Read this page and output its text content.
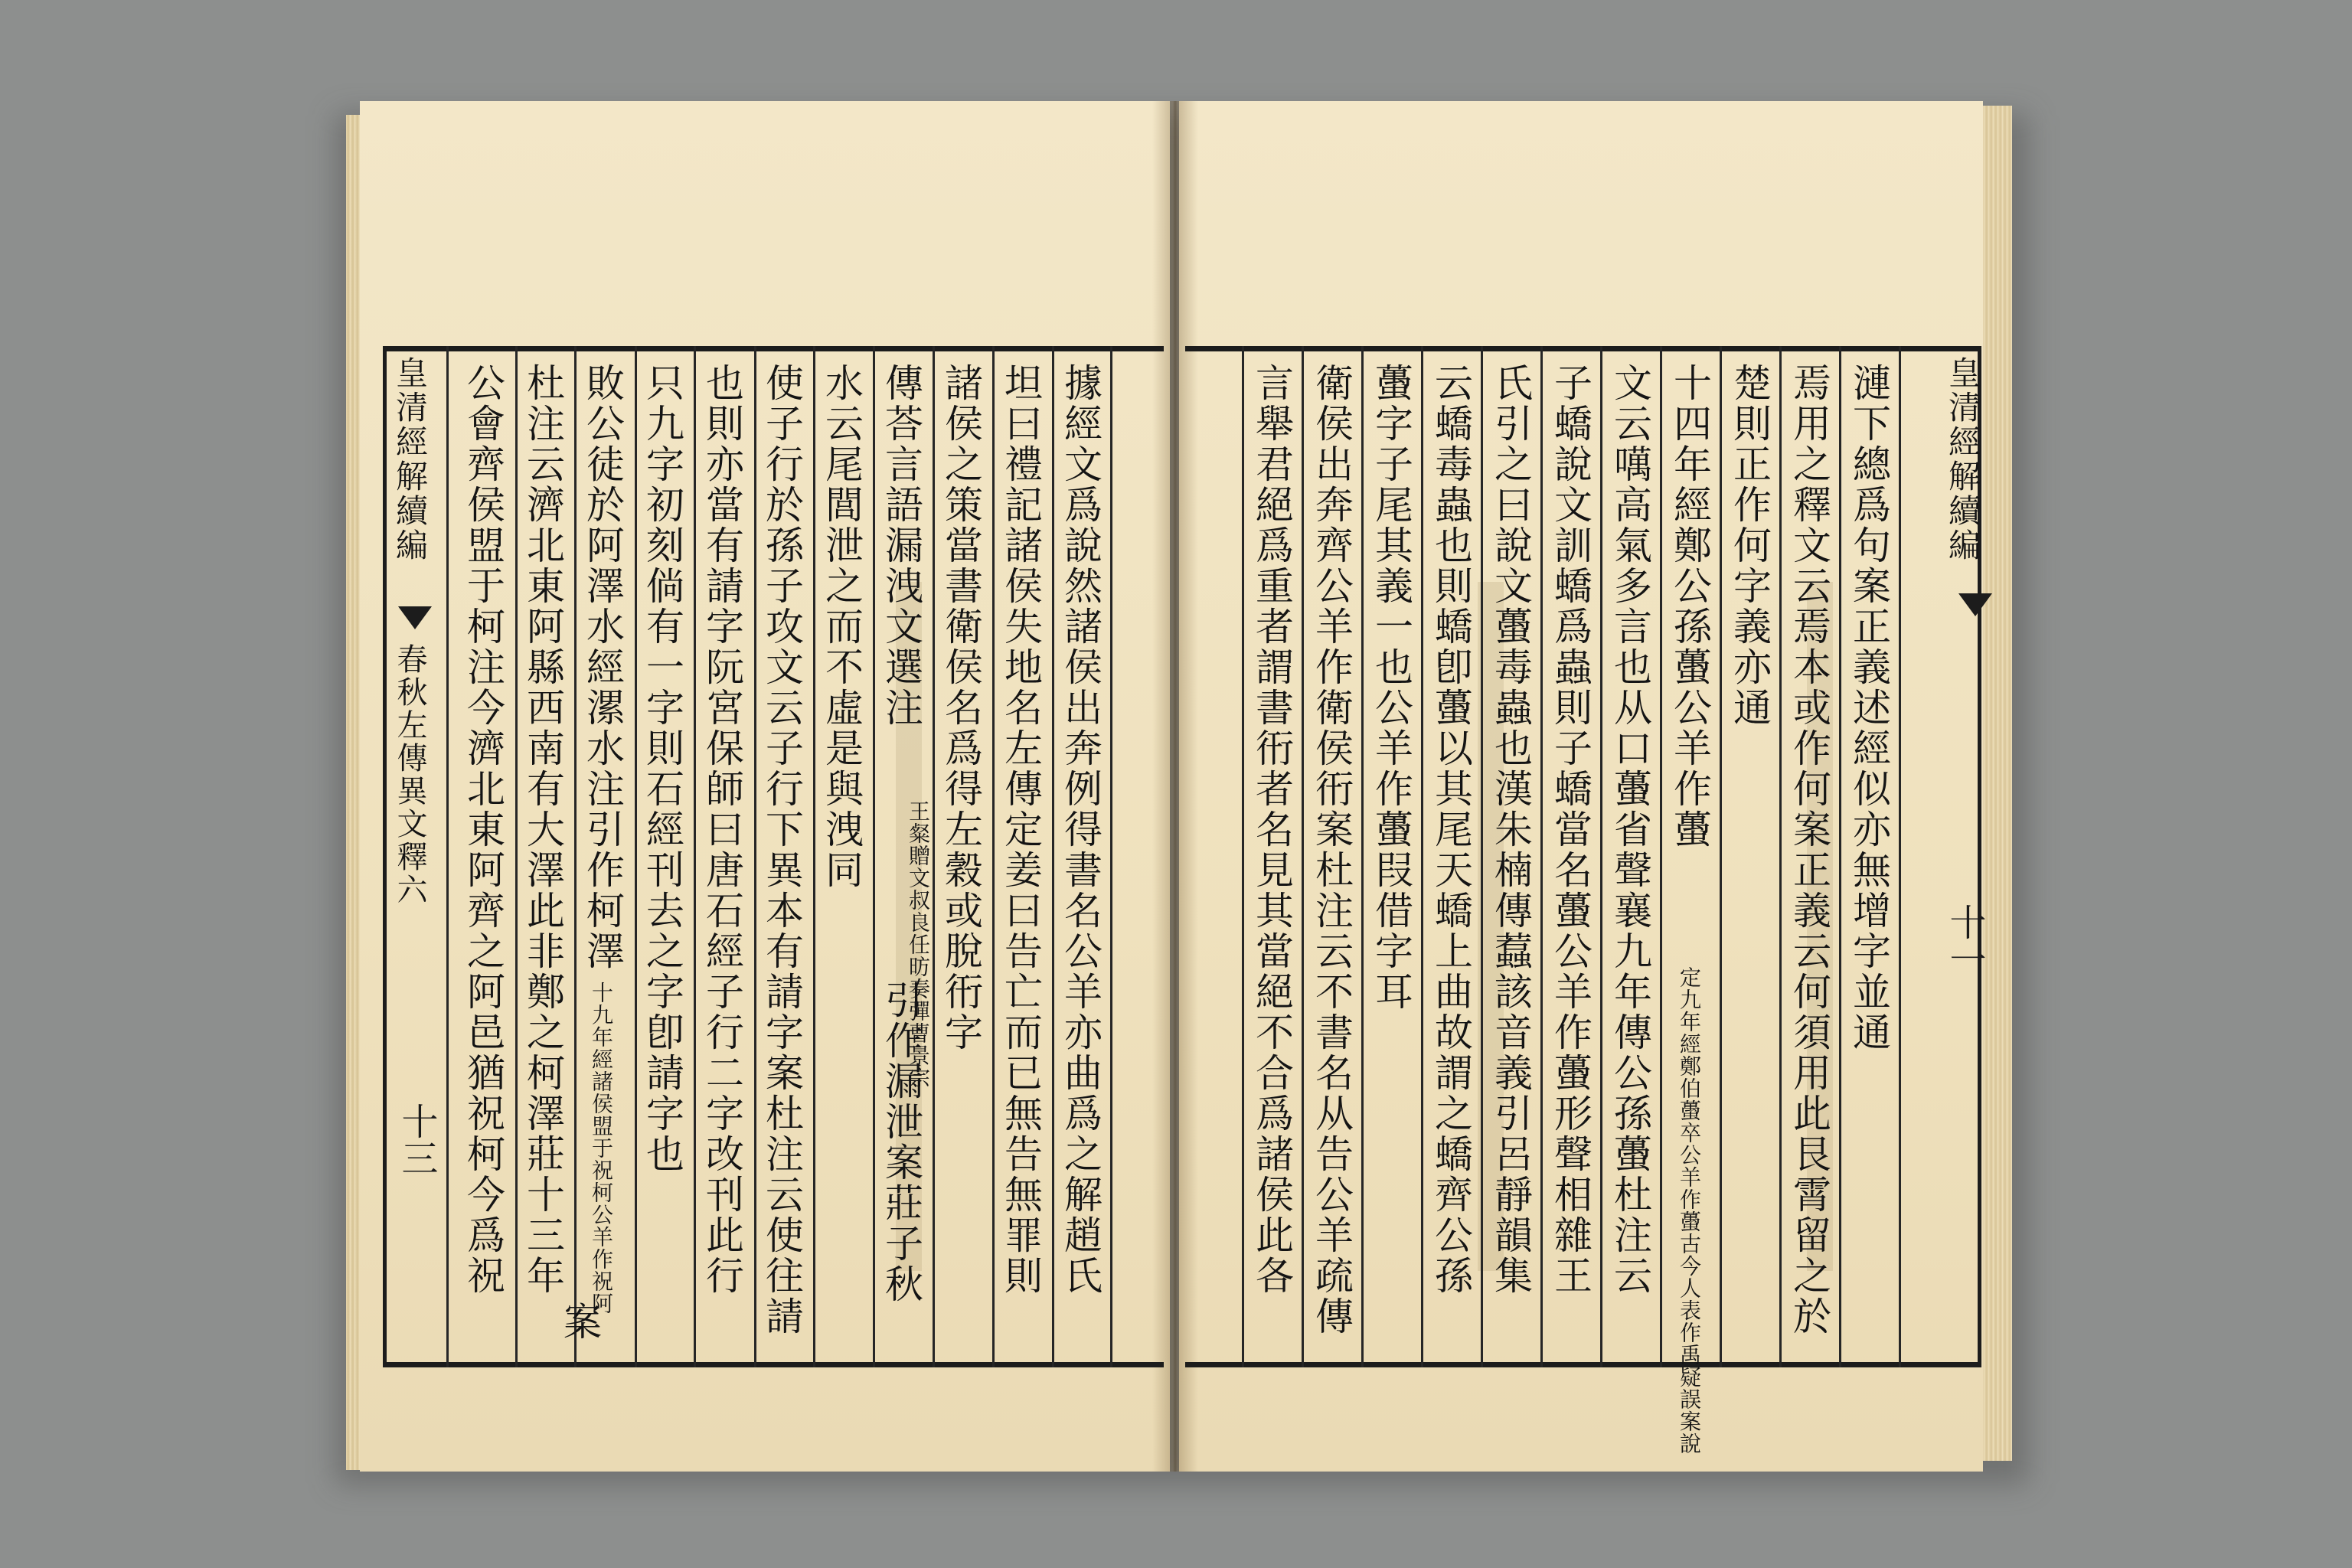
皇清經解續編
十一
漣下總爲句案正義述經似亦無增字並通
焉用之釋文云焉本或作何案正義云何須用此艮霄留之於
楚則正作何字義亦通
十四年經鄭公孫蠆公羊作蠆
定九年經鄭伯蠆卒公羊作蠆古今人表作禹疑誤案說
文云噧高氣多言也从口蠆省聲襄九年傳公孫蠆杜注云
子蟜說文訓蟜爲蟲則子蟜當名蠆公羊作蠆形聲相雜王
氏引之曰說文蠆毒蟲也漢朱楠傳蠚該音義引呂靜韻集
云蟜毒蟲也則蟜卽蠆以其尾天蟜上曲故謂之蟜齊公孫
蠆字子尾其義一也公羊作蠆叚借字耳
衛侯出奔齊公羊作衛侯衎案杜注云不書名从告公羊疏傳
言舉君絕爲重者謂書衎者名見其當絕不合爲諸侯此各
皇清經解續編
春秋左傳異文釋六
十三	據經文爲說然諸侯出奔例得書名公羊亦曲爲之解趙氏
坦曰禮記諸侯失地名左傳定姜曰告亡而已無告無罪則
諸侯之策當書衛侯名爲得左穀或脫衎字
傳荅言語漏洩文選注
王粲贈文叔良任昉奏彈曹景宗
引作漏泄案莊子秋
水云尾閭泄之而不虛是與洩同
使子行於孫子攻文云子行下異本有請字案杜注云使往請
也則亦當有請字阮宮保師曰唐石經子行二字改刊此行
只九字初刻倘有一字則石經刊去之字卽請字也
敗公徒於阿澤水經漯水注引作柯澤
十九年經諸侯盟于祝柯公羊作祝阿
案
杜注云濟北東阿縣西南有大澤此非鄭之柯澤莊十三年
公會齊侯盟于柯注今濟北東阿齊之阿邑猶祝柯今爲祝
